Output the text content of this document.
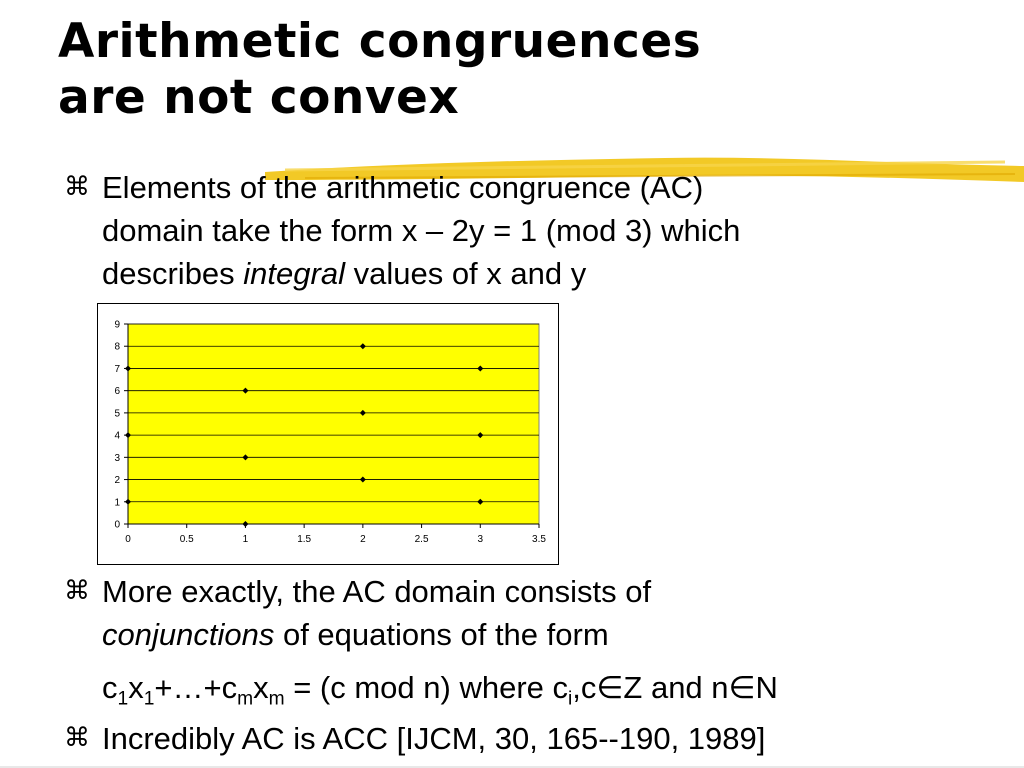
Arithmetic congruences
are not convex
⌘ Elements of the arithmetic congruence (AC)
domain take the form x – 2y = 1 (mod 3) which
describes integral values of x and y
0
1
2
3
4
5
6
7
8
9
0	0.5	1	1.5	2	2.5	3	3.5
⌘ More exactly, the AC domain consists of
conjunctions of equations of the form
$c_1x_1+\dots+c_mx_m = (c$ mod n) where $c_i,c\in Z$ and n∈N
⌘ Incredibly AC is ACC [IJCM, 30, 165--190, 1989]
